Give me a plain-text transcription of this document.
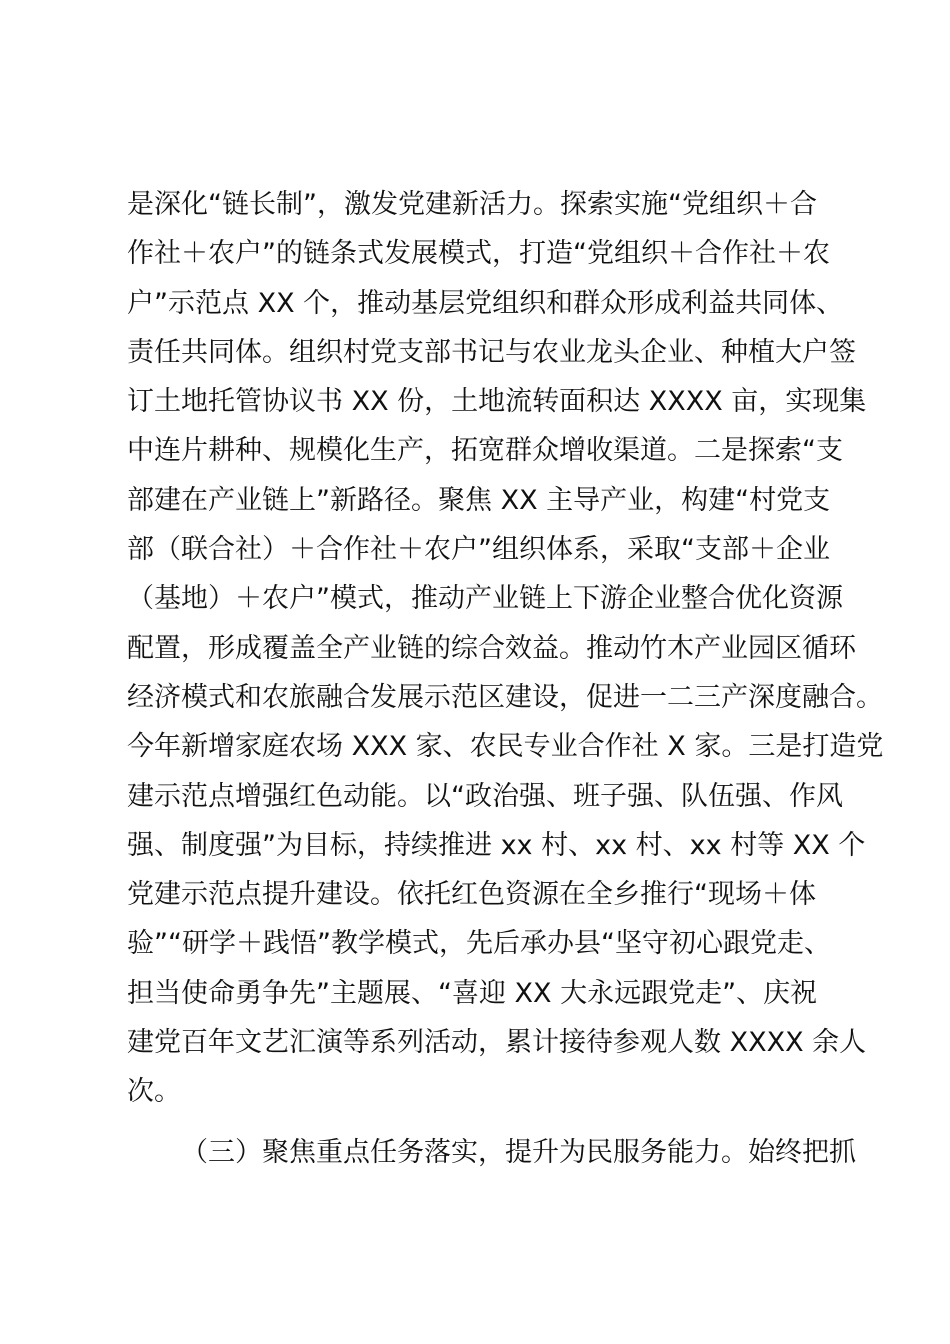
是深化“链长制”，激发党建新活力。探索实施“党组织＋合
作社＋农户”的链条式发展模式，打造“党组织＋合作社＋农
户”示范点 XX 个，推动基层党组织和群众形成利益共同体、
责任共同体。组织村党支部书记与农业龙头企业、种植大户签
订土地托管协议书 XX 份，土地流转面积达 XXXX 亩，实现集
中连片耕种、规模化生产，拓宽群众增收渠道。二是探索“支
部建在产业链上”新路径。聚焦 XX 主导产业，构建“村党支
部（联合社）＋合作社＋农户”组织体系，采取“支部＋企业
（基地）＋农户”模式，推动产业链上下游企业整合优化资源
配置，形成覆盖全产业链的综合效益。推动竹木产业园区循环
经济模式和农旅融合发展示范区建设，促进一二三产深度融合。
今年新增家庭农场 XXX 家、农民专业合作社 X 家。三是打造党
建示范点增强红色动能。以“政治强、班子强、队伍强、作风
强、制度强”为目标，持续推进 xx 村、xx 村、xx 村等 XX 个
党建示范点提升建设。依托红色资源在全乡推行“现场＋体
验”“研学＋践悟”教学模式，先后承办县“坚守初心跟党走、
担当使命勇争先”主题展、“喜迎 XX 大永远跟党走”、庆祝
建党百年文艺汇演等系列活动，累计接待参观人数 XXXX 余人
次。
（三）聚焦重点任务落实，提升为民服务能力。始终把抓
